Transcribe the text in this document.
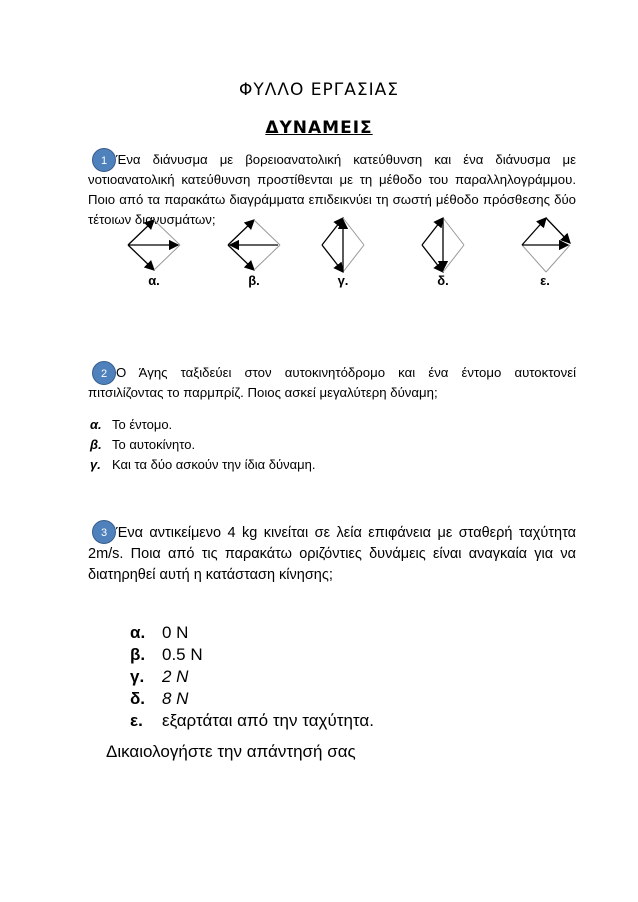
ΦΥΛΛΟ ΕΡΓΑΣΙΑΣ
ΔΥΝΑΜΕΙΣ
1 Ένα διάνυσμα με βορειοανατολική κατεύθυνση και ένα διάνυσμα με νοτιοανατολική κατεύθυνση προστίθενται με τη μέθοδο του παραλληλογράμμου. Ποιο από τα παρακάτω διαγράμματα επιδεικνύει τη σωστή μέθοδο πρόσθεσης δύο τέτοιων διανυσμάτων;
α.	β.	γ.	δ.	ε.
2 Ο Άγης ταξιδεύει στον αυτοκινητόδρομο και ένα έντομο αυτοκτονεί πιτσιλίζοντας το παρμπρίζ. Ποιος ασκεί μεγαλύτερη δύναμη;
α. Το έντομο.
β. Το αυτοκίνητο.
γ. Και τα δύο ασκούν την ίδια δύναμη.
3 Ένα αντικείμενο 4 kg κινείται σε λεία επιφάνεια με σταθερή ταχύτητα 2m/s. Ποια από τις παρακάτω οριζόντιες δυνάμεις είναι αναγκαία για να διατηρηθεί αυτή η κατάσταση κίνησης;
α. 0 N
β. 0.5 N
γ. 2 N
δ. 8 N
ε. εξαρτάται από την ταχύτητα.
Δικαιολογήστε την απάντησή σας
